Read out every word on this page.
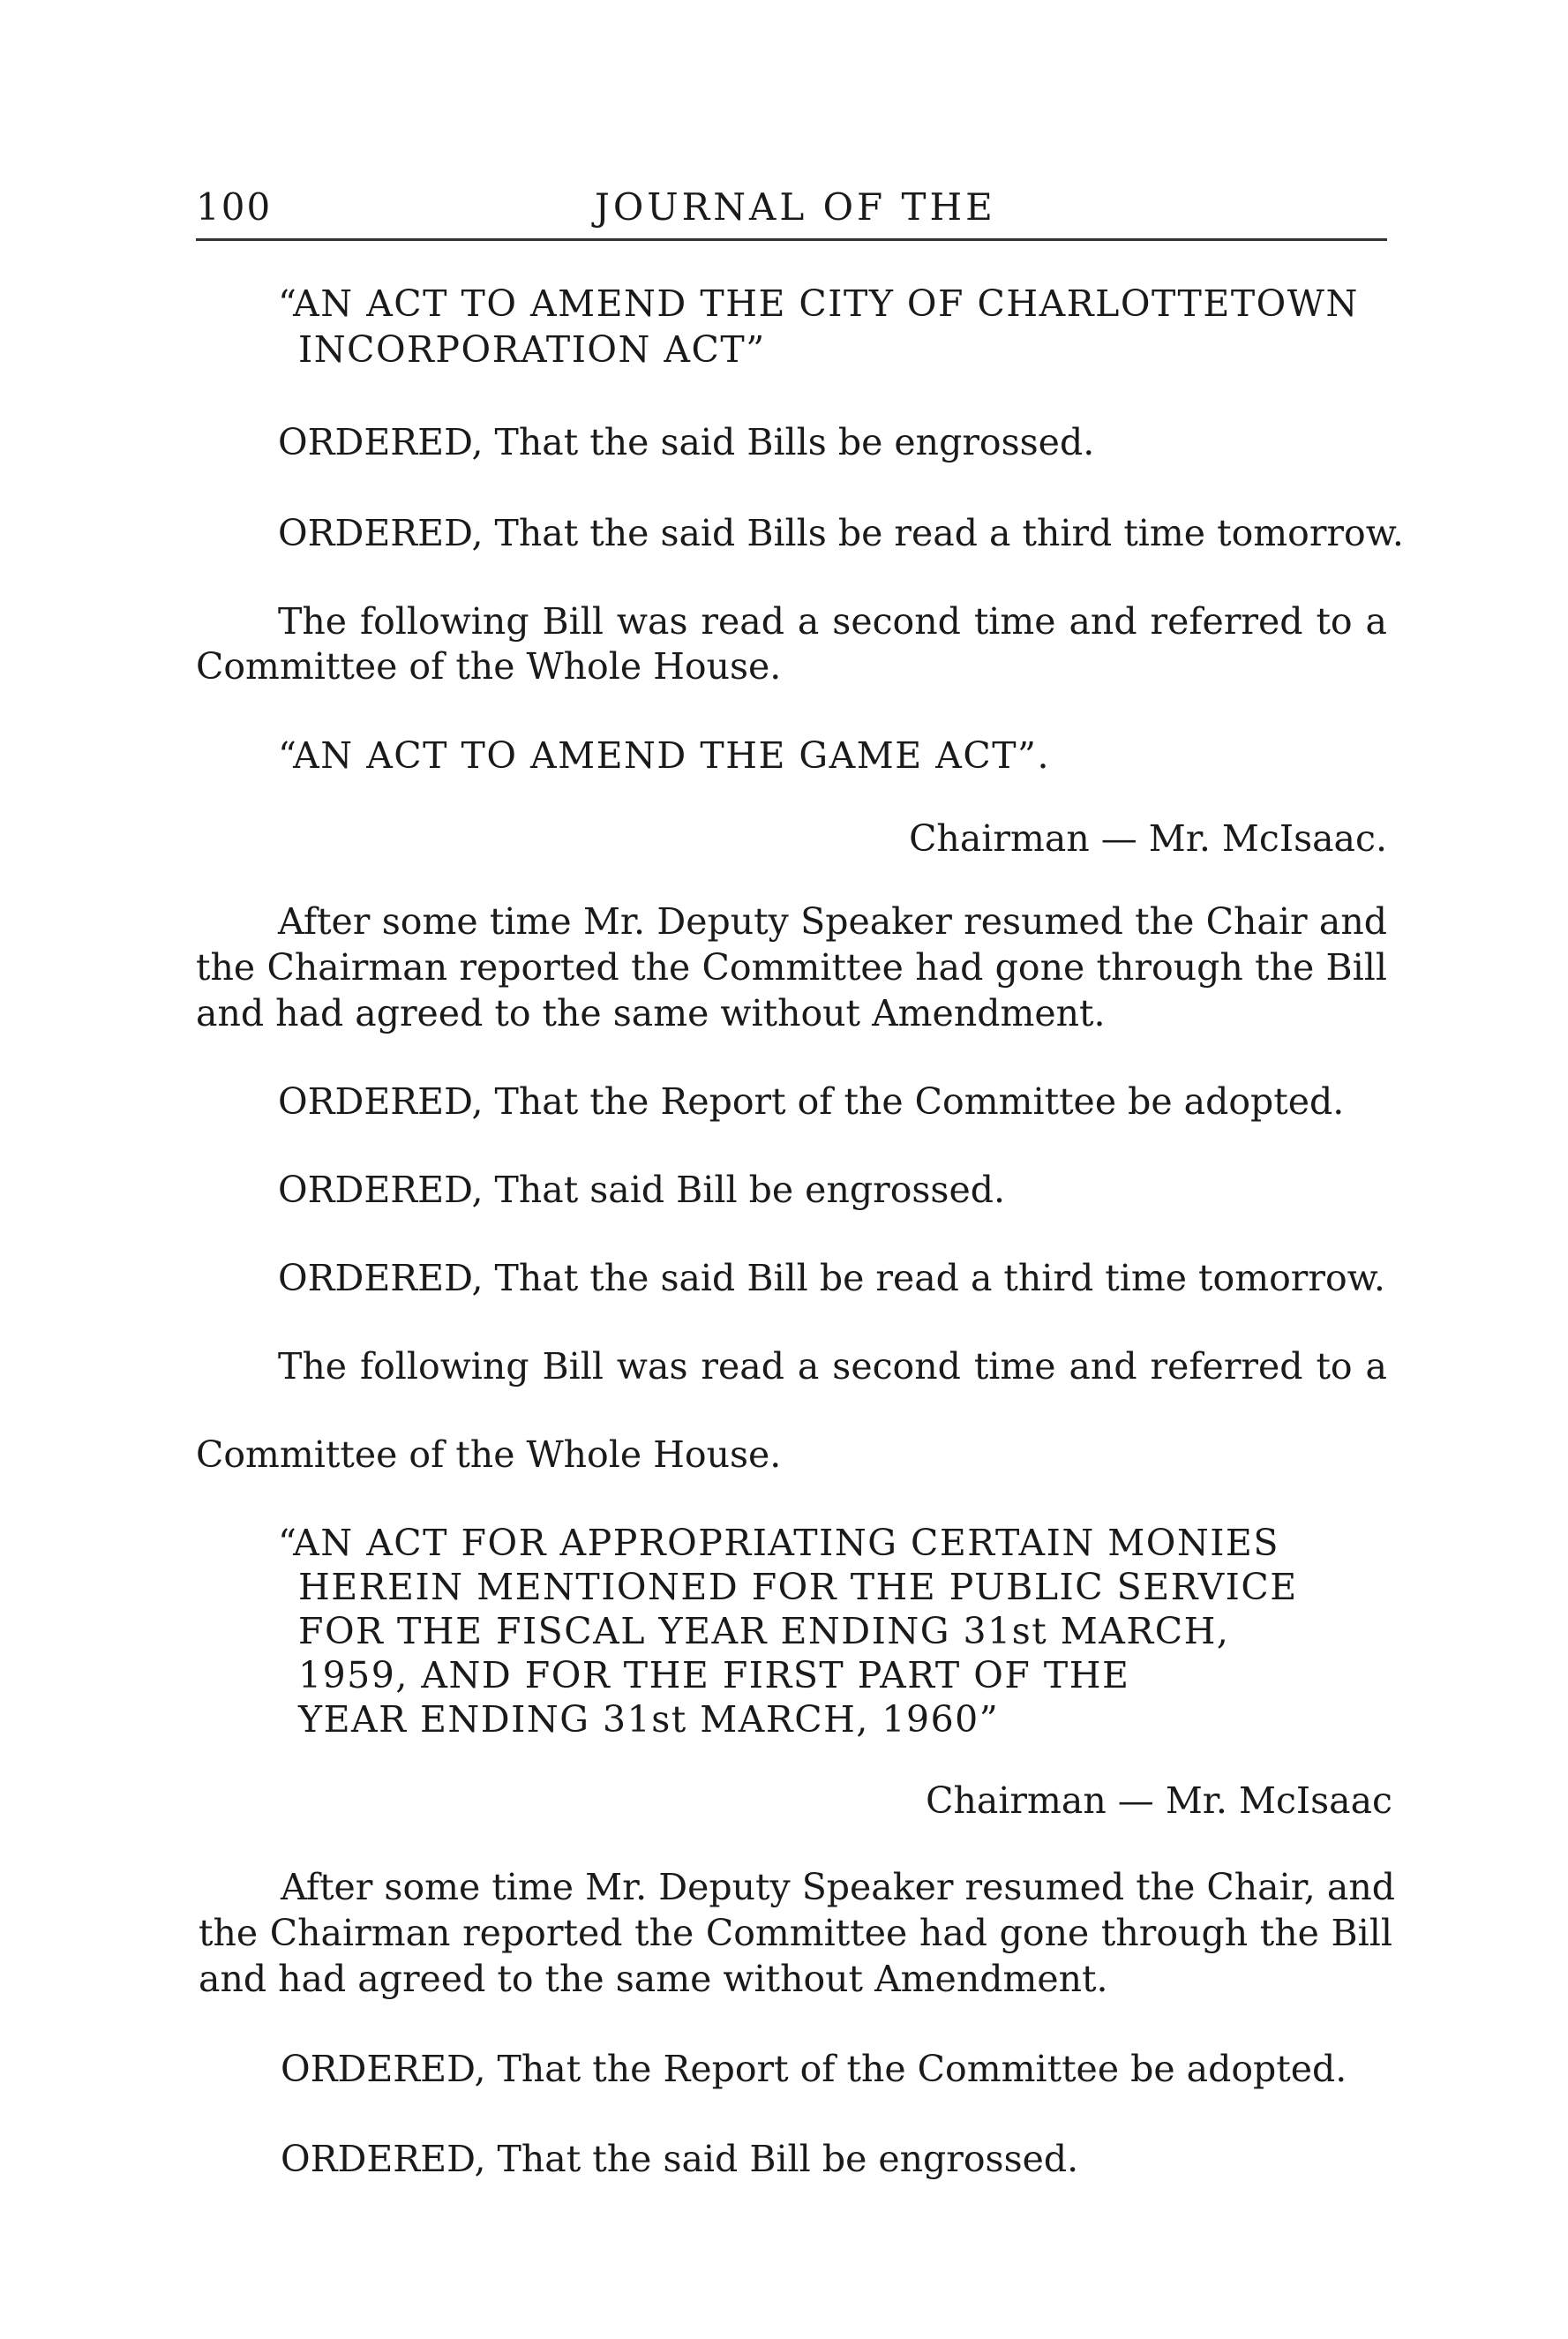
100	JOURNAL OF THE
“AN ACT TO AMEND THE CITY OF CHARLOTTETOWN
INCORPORATION ACT”
ORDERED, That the said Bills be engrossed.
ORDERED, That the said Bills be read a third time tomorrow.
The following Bill was read a second time and referred to a
Committee of the Whole House.
“AN ACT TO AMEND THE GAME ACT”.
Chairman — Mr. McIsaac.
After some time Mr. Deputy Speaker resumed the Chair and
the Chairman reported the Committee had gone through the Bill
and had agreed to the same without Amendment.
ORDERED, That the Report of the Committee be adopted.
ORDERED, That said Bill be engrossed.
ORDERED, That the said Bill be read a third time tomorrow.
The following Bill was read a second time and referred to a
Committee of the Whole House.
“AN ACT FOR APPROPRIATING CERTAIN MONIES
HEREIN MENTIONED FOR THE PUBLIC SERVICE
FOR THE FISCAL YEAR ENDING 31st MARCH,
1959, AND FOR THE FIRST PART OF THE
YEAR ENDING 31st MARCH, 1960”
Chairman — Mr. McIsaac
After some time Mr. Deputy Speaker resumed the Chair, and
the Chairman reported the Committee had gone through the Bill
and had agreed to the same without Amendment.
ORDERED, That the Report of the Committee be adopted.
ORDERED, That the said Bill be engrossed.
